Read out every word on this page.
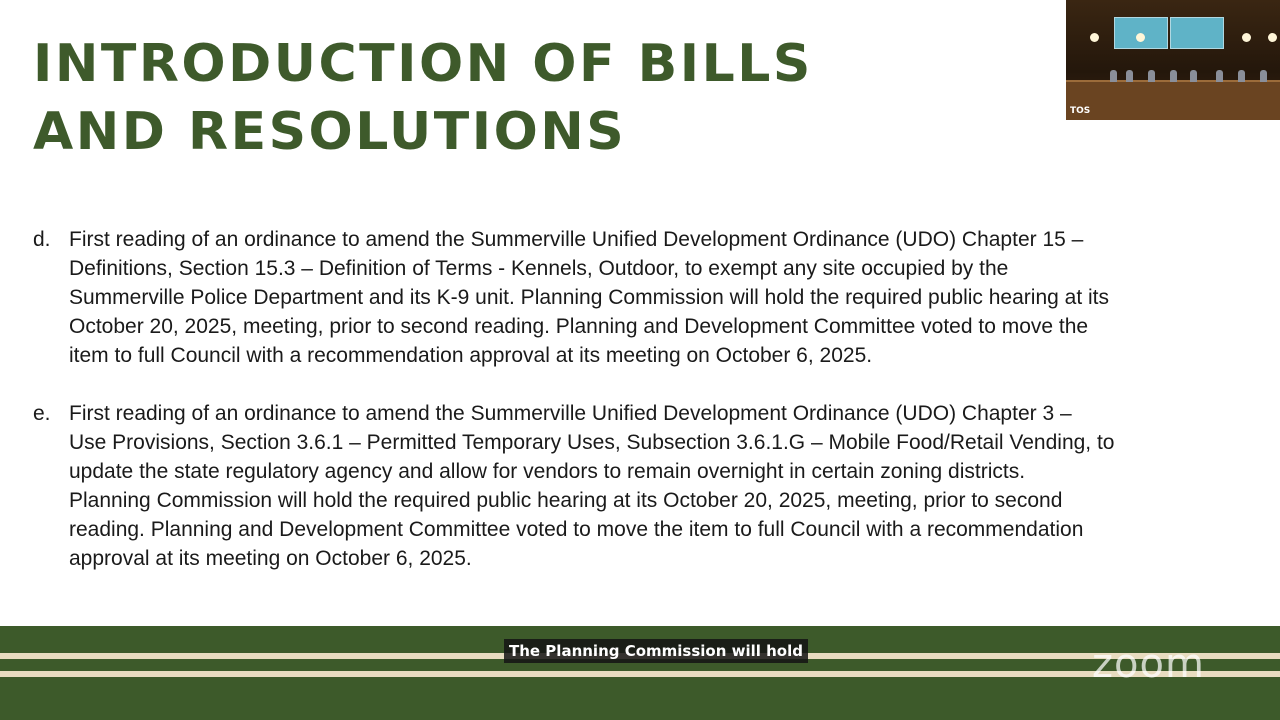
INTRODUCTION OF BILLS
AND RESOLUTIONS
d. First reading of an ordinance to amend the Summerville Unified Development Ordinance (UDO) Chapter 15 –
Definitions, Section 15.3 – Definition of Terms - Kennels, Outdoor, to exempt any site occupied by the
Summerville Police Department and its K-9 unit. Planning Commission will hold the required public hearing at its
October 20, 2025, meeting, prior to second reading. Planning and Development Committee voted to move the
item to full Council with a recommendation approval at its meeting on October 6, 2025.
e. First reading of an ordinance to amend the Summerville Unified Development Ordinance (UDO) Chapter 3 –
Use Provisions, Section 3.6.1 – Permitted Temporary Uses, Subsection 3.6.1.G – Mobile Food/Retail Vending, to
update the state regulatory agency and allow for vendors to remain overnight in certain zoning districts.
Planning Commission will hold the required public hearing at its October 20, 2025, meeting, prior to second
reading. Planning and Development Committee voted to move the item to full Council with a recommendation
approval at its meeting on October 6, 2025.
The Planning Commission will hold	zoom
TOS
